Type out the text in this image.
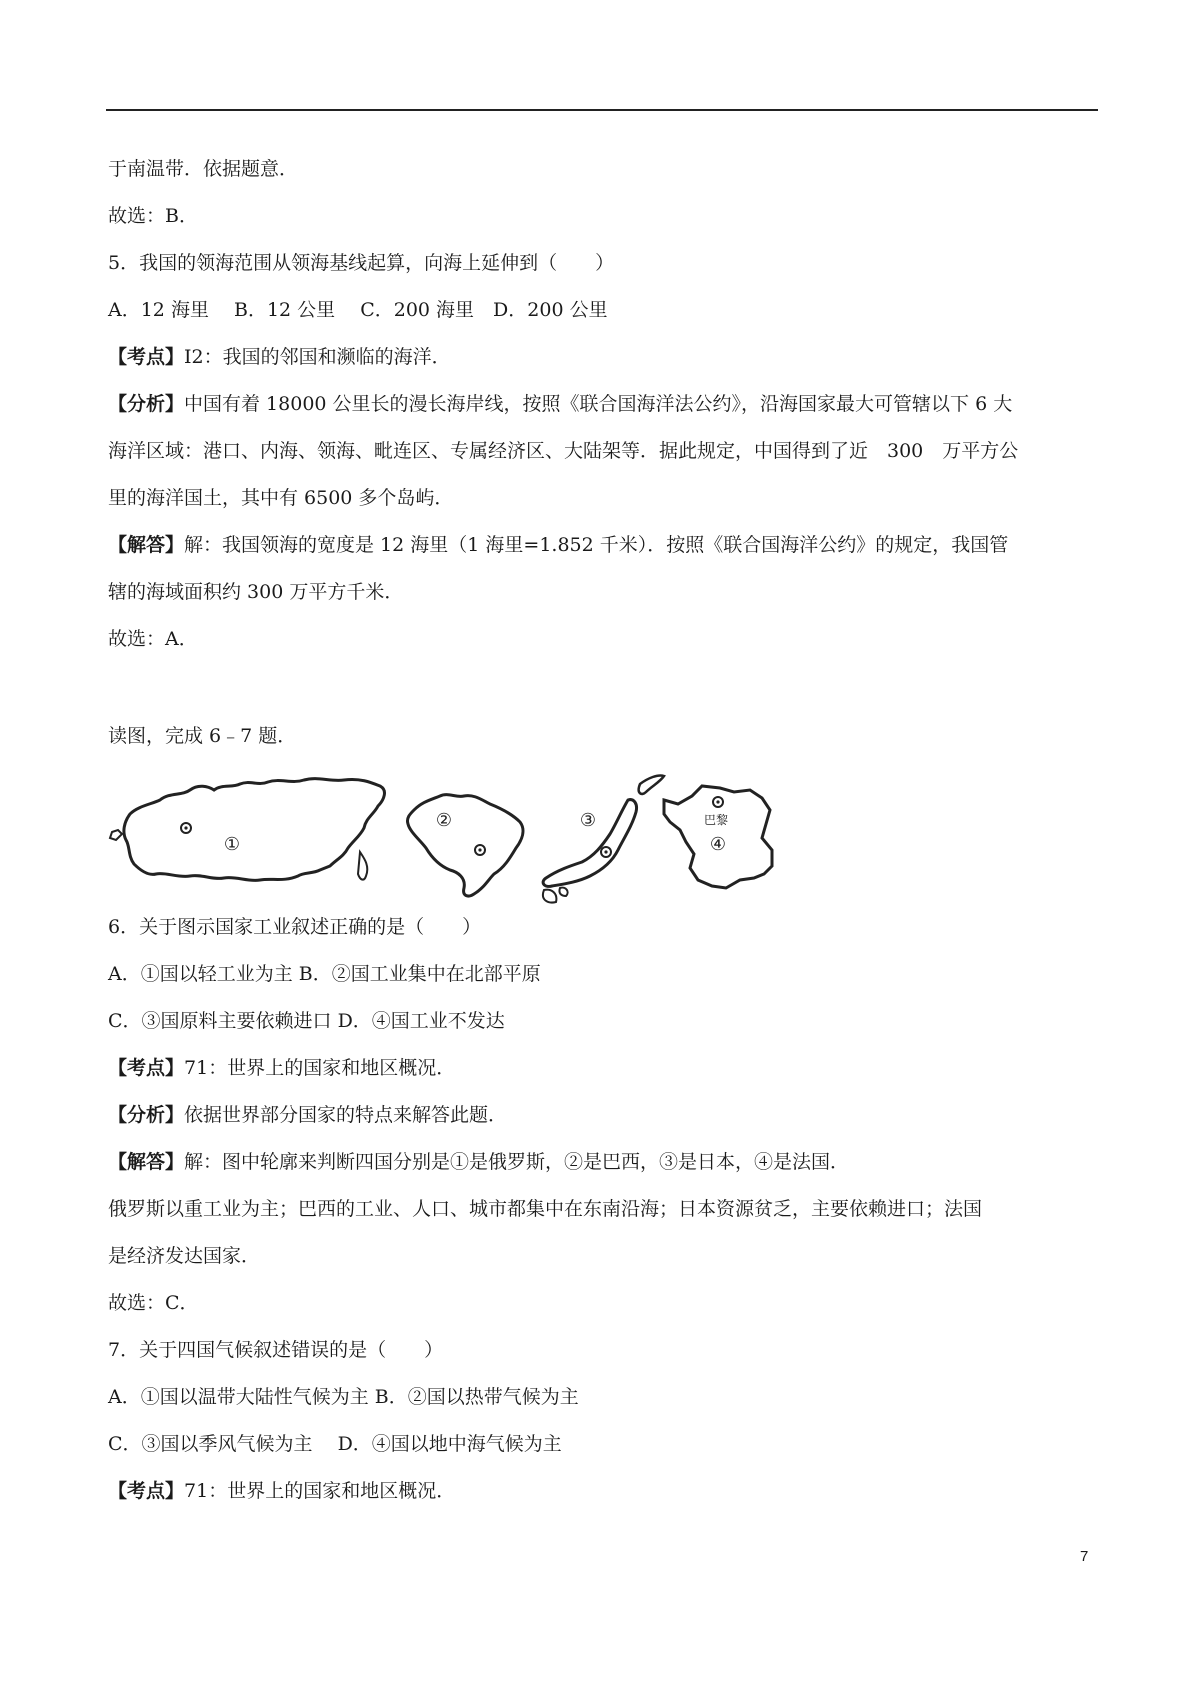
于南温带．依据题意．
故选：B．
5．我国的领海范围从领海基线起算，向海上延伸到（　　）
A．12 海里　 B．12 公里　 C．200 海里　D．200 公里
【考点】I2：我国的邻国和濒临的海洋．
【分析】中国有着 18000 公里长的漫长海岸线，按照《联合国海洋法公约》，沿海国家最大可管辖以下 6 大
海洋区域：港口、内海、领海、毗连区、专属经济区、大陆架等．据此规定，中国得到了近　300　万平方公
里的海洋国土，其中有 6500 多个岛屿．
【解答】解：我国领海的宽度是 12 海里（1 海里=1.852 千米）．按照《联合国海洋公约》的规定，我国管
辖的海域面积约 300 万平方千米．
故选：A．
读图，完成 6﹣7 题．
①
②	③	巴黎
④
6．关于图示国家工业叙述正确的是（　　）
A．①国以轻工业为主 B．②国工业集中在北部平原
C．③国原料主要依赖进口 D．④国工业不发达
【考点】71：世界上的国家和地区概况．
【分析】依据世界部分国家的特点来解答此题．
【解答】解：图中轮廓来判断四国分别是①是俄罗斯，②是巴西，③是日本，④是法国．
俄罗斯以重工业为主；巴西的工业、人口、城市都集中在东南沿海；日本资源贫乏，主要依赖进口；法国
是经济发达国家．
故选：C．
7．关于四国气候叙述错误的是（　　）
A．①国以温带大陆性气候为主 B．②国以热带气候为主
C．③国以季风气候为主　 D．④国以地中海气候为主
【考点】71：世界上的国家和地区概况．
7
